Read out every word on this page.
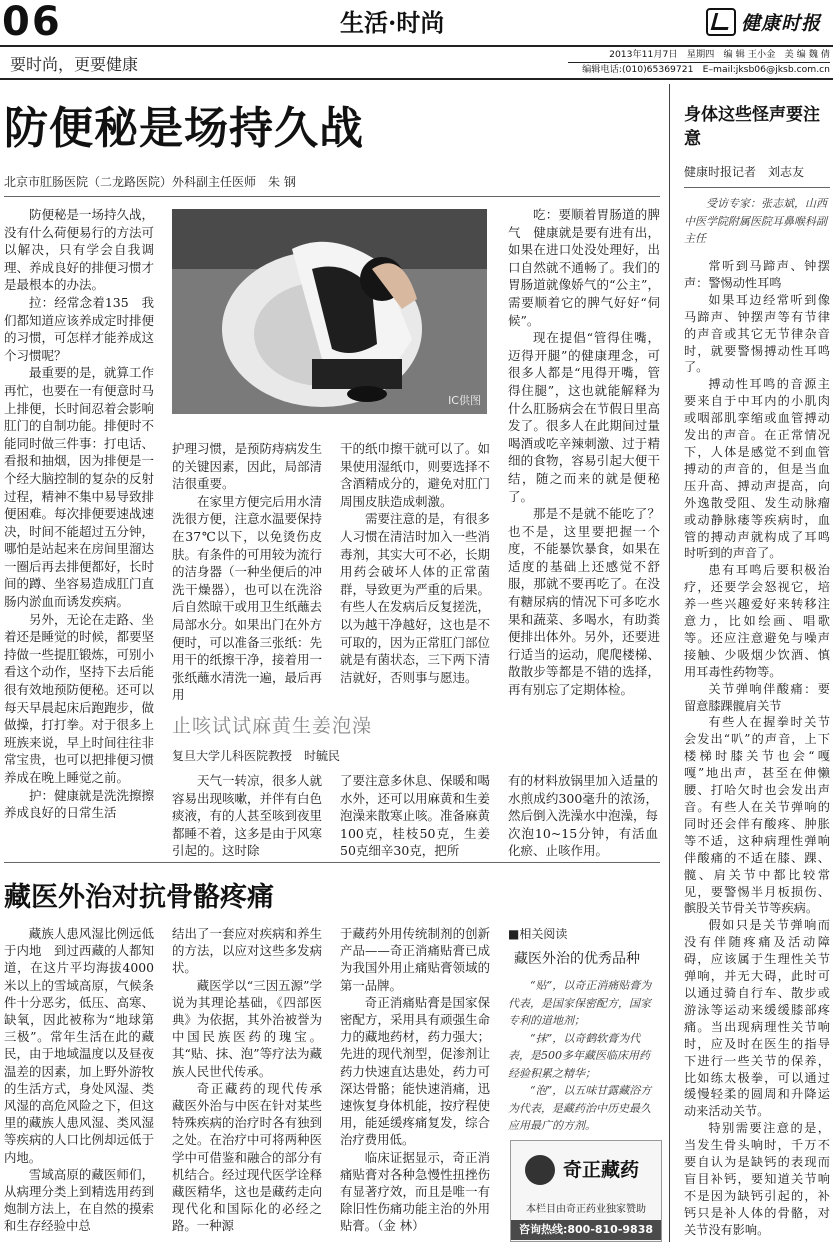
06	生活·时尚	健康时报
要时尚，更要健康
2013年11月7日　星期四　编 辑 王小金　美 编 魏 倩
编辑电话:(010)65369721　E–mail:jksb06@jksb.com.cn
防便秘是场持久战
北京市肛肠医院（二龙路医院）外科副主任医师　朱 钢

防便秘是一场持久战，没有什么荷便易行的方法可以解决，只有学会自我调理、养成良好的排便习惯才是最根本的办法。

拉：经常念着135　我们都知道应该养成定时排便的习惯，可怎样才能养成这个习惯呢？

最重要的是，就算工作再忙，也要在一有便意时马上排便，长时间忍着会影响肛门的自制功能。排便时不能同时做三件事：打电话、看报和抽烟，因为排便是一个经大脑控制的复杂的反射过程，精神不集中易导致排便困难。每次排便要速战速决，时间不能超过五分钟，哪怕是站起来在房间里溜达一圈后再去排便都好，长时间的蹲、坐容易造成肛门直肠内淤血而诱发疾病。

另外，无论在走路、坐着还是睡觉的时候，都要坚持做一些提肛锻炼，可别小看这个动作，坚持下去后能很有效地预防便秘。还可以每天早晨起床后跑跑步，做做操，打打拳。对于很多上班族来说，早上时间往往非常宝贵，也可以把排便习惯养成在晚上睡觉之前。

护：健康就是洗洗擦擦　养成良好的日常生活

IC供图

护理习惯，是预防痔病发生的关键因素，因此，局部清洁很重要。

在家里方便完后用水清洗很方便，注意水温要保持在37℃以下，以免烫伤皮肤。有条件的可用较为流行的洁身器（一种坐便后的冲洗干燥器），也可以在洗浴后自然晾干或用卫生纸蘸去局部水分。如果出门在外方便时，可以准备三张纸：先用干的纸擦干净，接着用一张纸蘸水清洗一遍，最后再用

干的纸巾擦干就可以了。如果使用湿纸巾，则要选择不含酒精成分的，避免对肛门周围皮肤造成刺激。

需要注意的是，有很多人习惯在清洁时加入一些消毒剂，其实大可不必，长期用药会破坏人体的正常菌群，导致更为严重的后果。有些人在发病后反复搓洗，以为越干净越好，这也是不可取的，因为正常肛门部位就是有菌状态，三下两下清洁就好，否则事与愿违。

吃：要顺着胃肠道的脾气　健康就是要有进有出，如果在进口处没处理好，出口自然就不通畅了。我们的胃肠道就像娇气的“公主”，需要顺着它的脾气好好“伺候”。

现在提倡“管得住嘴，迈得开腿”的健康理念，可很多人都是“甩得开嘴，管得住腿”，这也就能解释为什么肛肠病会在节假日里高发了。很多人在此期间过量喝酒或吃辛辣刺激、过于精细的食物，容易引起大便干结，随之而来的就是便秘了。

那是不是就不能吃了？也不是，这里要把握一个度，不能暴饮暴食，如果在适度的基础上还感觉不舒服，那就不要再吃了。在没有糖尿病的情况下可多吃水果和蔬菜、多喝水，有助粪便排出体外。另外，还要进行适当的运动，爬爬楼梯、散散步等都是不错的选择，再有别忘了定期体检。

止咳试试麻黄生姜泡澡
复旦大学儿科医院教授　时毓民

天气一转凉，很多人就容易出现咳嗽，并伴有白色痰液，有的人甚至咳到夜里都睡不着，这多是由于风寒引起的。这时除

了要注意多休息、保暖和喝水外，还可以用麻黄和生姜泡澡来散寒止咳。准备麻黄100克，桂枝50克，生姜50克细辛30克，把所

有的材料放锅里加入适量的水煎成约300毫升的浓汤，然后倒入洗澡水中泡澡，每次泡10~15分钟，有活血化瘀、止咳作用。

藏医外治对抗骨骼疼痛

藏族人患风湿比例远低于内地　到过西藏的人都知道，在这片平均海拔4000米以上的雪域高原，气候条件十分恶劣，低压、高寒、缺氧，因此被称为“地球第三极”。常年生活在此的藏民，由于地域温度以及昼夜温差的因素，加上野外游牧的生活方式，身处风湿、类风湿的高危风险之下，但这里的藏族人患风湿、类风湿等疾病的人口比例却远低于内地。

雪域高原的藏医师们，从病理分类上到精选用药到炮制方法上，在自然的摸索和生存经验中总

结出了一套应对疾病和养生的方法，以应对这些多发病状。

藏医学以“三因五源”学说为其理论基础，《四部医典》为依据，其外治被誉为中国民族医药的瑰宝。其“贴、抹、泡”等疗法为藏族人民世代传承。

奇正藏药的现代传承　藏医外治与中医在针对某些特殊疾病的治疗时各有独到之处。在治疗中可将两种医学中可借鉴和融合的部分有机结合。经过现代医学诠释藏医精华，这也是藏药走向现代化和国际化的必经之路。一种源

于藏药外用传统制剂的创新产品——奇正消痛贴膏已成为我国外用止痛贴膏领域的第一品牌。

奇正消痛贴膏是国家保密配方，采用具有顽强生命力的藏地药材，药力强大；先进的现代剂型，促渗剂让药力快速直达患处，药力可深达骨骼；能快速消痛，迅速恢复身体机能，按疗程使用，能延缓疼痛复发，综合治疗费用低。

临床证据显示，奇正消痛贴膏对各种急慢性扭挫伤有显著疗效，而且是唯一有除旧性伤痛功能主治的外用贴膏。（金 林）

■相关阅读
藏医外治的优秀品种
“贴”，以奇正消痛贴膏为代表，是国家保密配方，国家专利的道地剂；
“抹”，以奇鹤软膏为代表，是500多年藏医临床用药经验积累之精华；
“泡”，以五味甘露藏浴方为代表，是藏药治中历史最久应用最广的方剂。
奇正藏药
本栏目由奇正药业独家赞助
咨询热线:800-810-9838
身体这些怪声要注意
健康时报记者　刘志友
受访专家：张志斌，山西中医学院附属医院耳鼻喉科副主任

常听到马蹄声、钟摆声：警惕动性耳鸣

如果耳边经常听到像马蹄声、钟摆声等有节律的声音或其它无节律杂音时，就要警惕搏动性耳鸣了。

搏动性耳鸣的音源主要来自于中耳内的小肌肉或咽部肌挛缩或血管搏动发出的声音。在正常情况下，人体是感觉不到血管搏动的声音的，但是当血压升高、搏动声提高，向外逸散受阻、发生动脉瘤或动静脉瘘等疾病时，血管的搏动声就构成了耳鸣时听到的声音了。

患有耳鸣后要积极治疗，还要学会怒视它，培养一些兴趣爱好来转移注意力，比如绘画、唱歌等。还应注意避免与噪声接触、少吸烟少饮酒、慎用耳毒性药物等。

关节弹响伴酸痛：要留意膝踝髋肩关节

有些人在握拳时关节会发出“叭”的声音，上下楼梯时膝关节也会“嘎嘎”地出声，甚至在伸懒腰、打哈欠时也会发出声音。有些人在关节弹响的同时还会伴有酸疼、肿胀等不适，这种病理性弹响伴酸痛的不适在膝、踝、髋、肩关节中都比较常见，要警惕半月板损伤、髌股关节骨关节等疾病。

假如只是关节弹响而没有伴随疼痛及活动障碍，应该属于生理性关节弹响，并无大碍，此时可以通过骑自行车、散步或游泳等运动来缓缓膝部疼痛。当出现病理性关节响时，应及时在医生的指导下进行一些关节的保养，比如练太极拳，可以通过缓慢轻柔的圆周和升降运动来活动关节。

特别需要注意的是，当发生骨头响时，千万不要自认为是缺钙的表现而盲目补钙，要知道关节响不是因为缺钙引起的，补钙只是补人体的骨骼，对关节没有影响。
